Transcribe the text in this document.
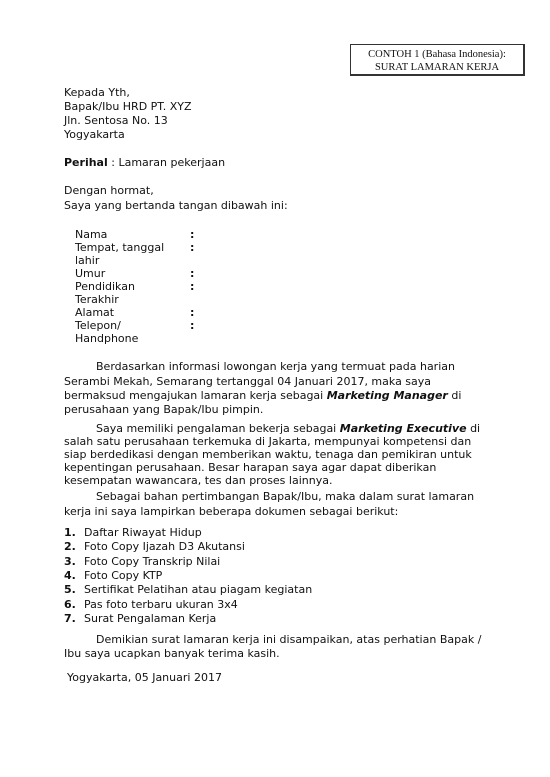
CONTOH 1 (Bahasa Indonesia):
SURAT LAMARAN KERJA
Kepada Yth,
Bapak/Ibu HRD PT. XYZ
Jln. Sentosa No. 13
Yogyakarta
Perihal : Lamaran pekerjaan
Dengan hormat,
Saya yang bertanda tangan dibawah ini:
Nama	:
Tempat, tanggal :
lahir
Umur	:
Pendidikan	:
Terakhir
Alamat	:
Telepon/	:
Handphone
Berdasarkan informasi lowongan kerja yang termuat pada harian
Serambi Mekah, Semarang tertanggal 04 Januari 2017, maka saya
bermaksud mengajukan lamaran kerja sebagai Marketing Manager di
perusahaan yang Bapak/Ibu pimpin.
Saya memiliki pengalaman bekerja sebagai Marketing Executive di
salah satu perusahaan terkemuka di Jakarta, mempunyai kompetensi dan
siap berdedikasi dengan memberikan waktu, tenaga dan pemikiran untuk
kepentingan perusahaan. Besar harapan saya agar dapat diberikan
kesempatan wawancara, tes dan proses lainnya.
Sebagai bahan pertimbangan Bapak/Ibu, maka dalam surat lamaran
kerja ini saya lampirkan beberapa dokumen sebagai berikut:
1. Daftar Riwayat Hidup
2. Foto Copy Ijazah D3 Akutansi
3. Foto Copy Transkrip Nilai
4. Foto Copy KTP
5. Sertifikat Pelatihan atau piagam kegiatan
6. Pas foto terbaru ukuran 3x4
7. Surat Pengalaman Kerja
Demikian surat lamaran kerja ini disampaikan, atas perhatian Bapak /
Ibu saya ucapkan banyak terima kasih.
Yogyakarta, 05 Januari 2017
